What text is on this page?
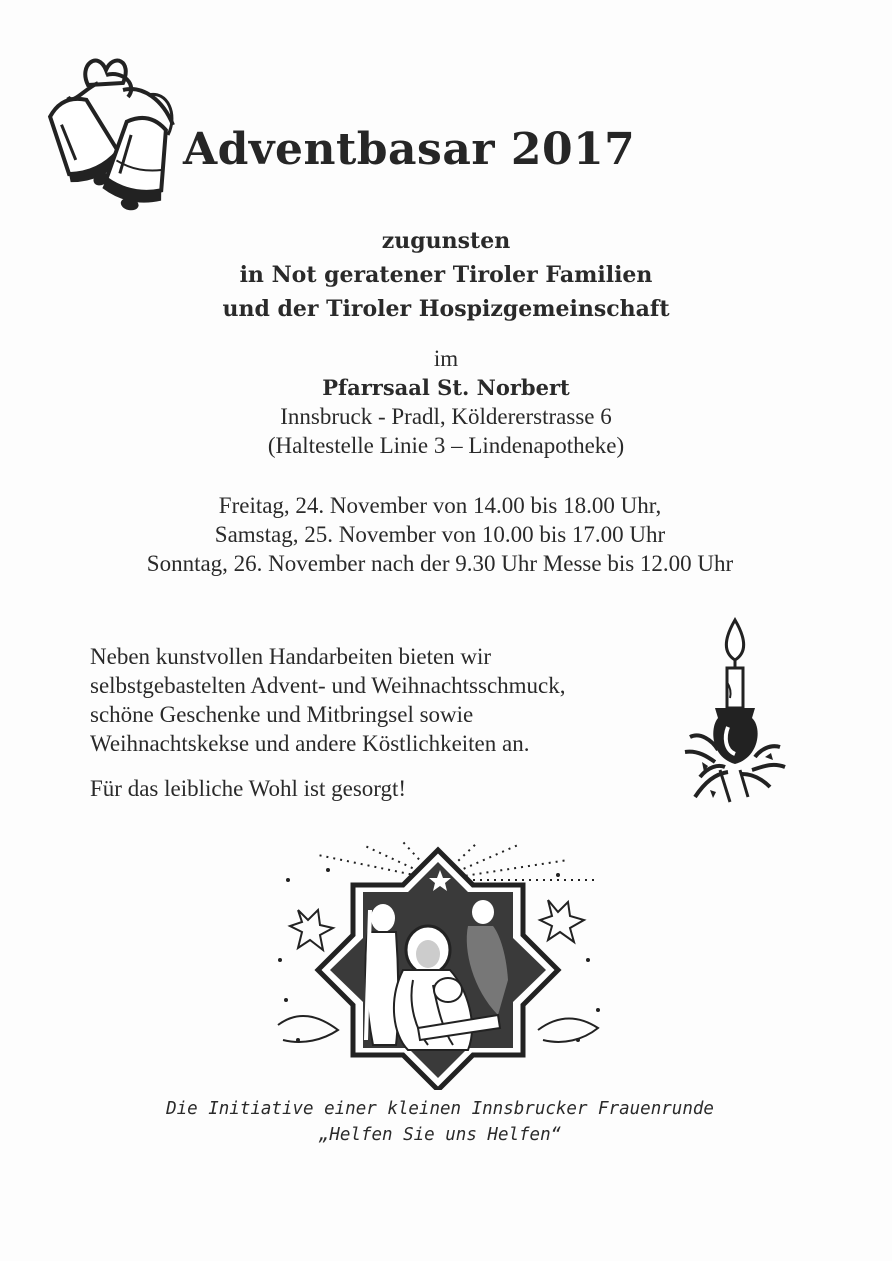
Adventbasar 2017
zugunsten
in Not geratener Tiroler Familien
und der Tiroler Hospizgemeinschaft
im
Pfarrsaal St. Norbert
Innsbruck - Pradl, Köldererstrasse 6
(Haltestelle Linie 3 – Lindenapotheke)
Freitag, 24. November von 14.00 bis 18.00 Uhr,
Samstag, 25. November von 10.00 bis 17.00 Uhr
Sonntag, 26. November nach der 9.30 Uhr Messe bis 12.00 Uhr
Neben kunstvollen Handarbeiten bieten wir
selbstgebastelten Advent- und Weihnachtsschmuck,
schöne Geschenke und Mitbringsel sowie
Weihnachtskekse und andere Köstlichkeiten an.
Für das leibliche Wohl ist gesorgt!
Die Initiative einer kleinen Innsbrucker Frauenrunde
„Helfen Sie uns Helfen“
